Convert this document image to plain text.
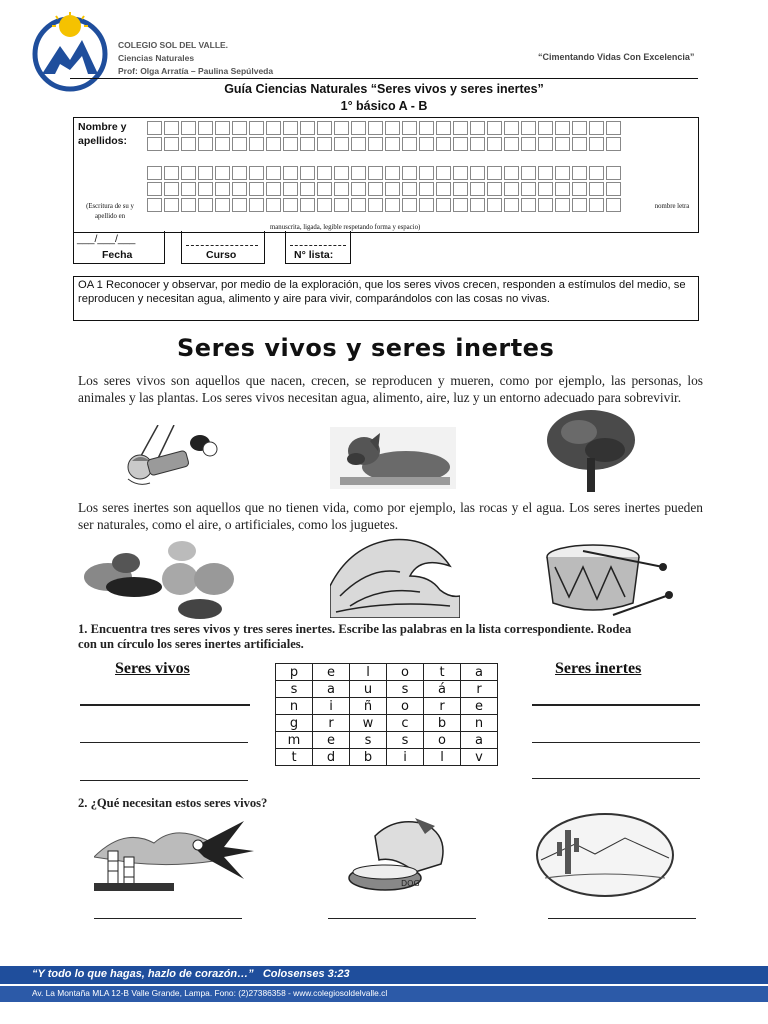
COLEGIO SOL DEL VALLE.
Ciencias Naturales
Prof: Olga Arratía – Paulina Sepúlveda
“Cimentando Vidas Con Excelencia”
Guía Ciencias Naturales “Seres vivos y seres inertes”
1° básico A - B
Nombre y apellidos:
(Escritura de su y apellido en
manuscrita, ligada, legible respetando forma y espacio)
nombre letra
___/___/___
Fecha	Curso	N° lista:
OA 1 Reconocer y observar, por medio de la exploración, que los seres vivos crecen, responden a estímulos del medio, se reproducen y necesitan agua, alimento y aire para vivir, comparándolos con las cosas no vivas.
Seres vivos y seres inertes
Los seres vivos son aquellos que nacen, crecen, se reproducen y mueren, como por ejemplo, las personas, los animales y las plantas. Los seres vivos necesitan agua, alimento, aire, luz y un entorno adecuado para sobrevivir.
Los seres inertes son aquellos que no tienen vida, como por ejemplo, las rocas y el agua. Los seres inertes pueden ser naturales, como el aire, o artificiales, como los juguetes.
1. Encuentra tres seres vivos y tres seres inertes. Escribe las palabras en la lista correspondiente. Rodea con un círculo los seres inertes artificiales.
Seres vivos	Seres inertes
p	e	l	o	t	a
s	a	u	s	á	r
n	i	ñ	o	r	e
g	r	w	c	b	n
m	e	s	s	o	a
t	d	b	i	l	v
2. ¿Qué necesitan estos seres vivos?
DOG
“Y todo lo que hagas, hazlo de corazón…”   Colosenses 3:23
Av. La Montaña MLA 12-B Valle Grande, Lampa. Fono: (2)27386358 - www.colegiosoldelvalle.cl
